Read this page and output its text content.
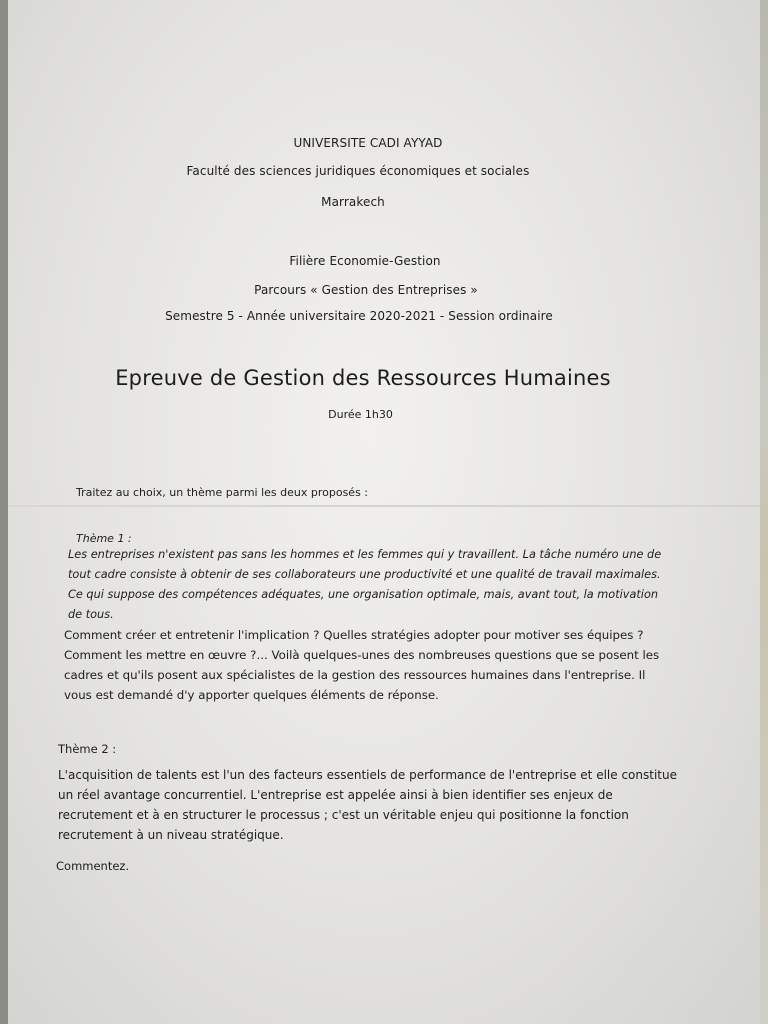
UNIVERSITE CADI AYYAD
Faculté des sciences juridiques économiques et sociales
Marrakech
Filière Economie-Gestion
Parcours « Gestion des Entreprises »
Semestre 5 - Année universitaire 2020-2021 - Session ordinaire
Epreuve de Gestion des Ressources Humaines
Durée 1h30
Traitez au choix, un thème parmi les deux proposés :
Thème 1 :

Les entreprises n'existent pas sans les hommes et les femmes qui y travaillent. La tâche numéro une de tout cadre consiste à obtenir de ses collaborateurs une productivité et une qualité de travail maximales. Ce qui suppose des compétences adéquates, une organisation optimale, mais, avant tout, la motivation de tous.

Comment créer et entretenir l'implication ? Quelles stratégies adopter pour motiver ses équipes ? Comment les mettre en œuvre ?... Voilà quelques-unes des nombreuses questions que se posent les cadres et qu'ils posent aux spécialistes de la gestion des ressources humaines dans l'entreprise. Il vous est demandé d'y apporter quelques éléments de réponse.

Thème 2 :

L'acquisition de talents est l'un des facteurs essentiels de performance de l'entreprise et elle constitue un réel avantage concurrentiel. L'entreprise est appelée ainsi à bien identifier ses enjeux de recrutement et à en structurer le processus ; c'est un véritable enjeu qui positionne la fonction recrutement à un niveau stratégique.

Commentez.
